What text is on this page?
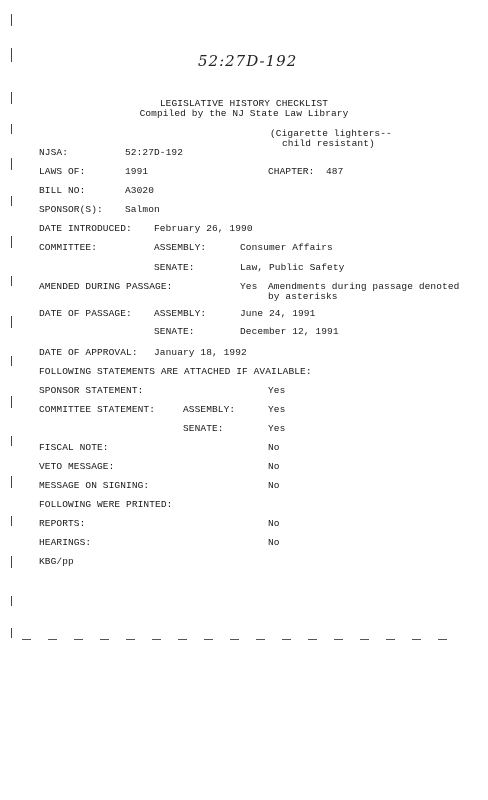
52:27D-192
LEGISLATIVE HISTORY CHECKLIST
Compiled by the NJ State Law Library
(Cigarette lighters--
child resistant)
NJSA:	52:27D-192
LAWS OF:	1991	CHAPTER: 487
BILL NO:	A3020
SPONSOR(S): Salmon
DATE INTRODUCED: February 26, 1990
COMMITTEE:	ASSEMBLY:	Consumer Affairs
SENATE:	Law, Public Safety
AMENDED DURING PASSAGE:	Yes Amendments during passage denoted
by asterisks
DATE OF PASSAGE: ASSEMBLY:	June 24, 1991
SENATE:	December 12, 1991
DATE OF APPROVAL: January 18, 1992
FOLLOWING STATEMENTS ARE ATTACHED IF AVAILABLE:
SPONSOR STATEMENT:	Yes
COMMITTEE STATEMENT:	ASSEMBLY:	Yes
SENATE:	Yes
FISCAL NOTE:	No
VETO MESSAGE:	No
MESSAGE ON SIGNING:	No
FOLLOWING WERE PRINTED:
REPORTS:	No
HEARINGS:	No
KBG/pp
